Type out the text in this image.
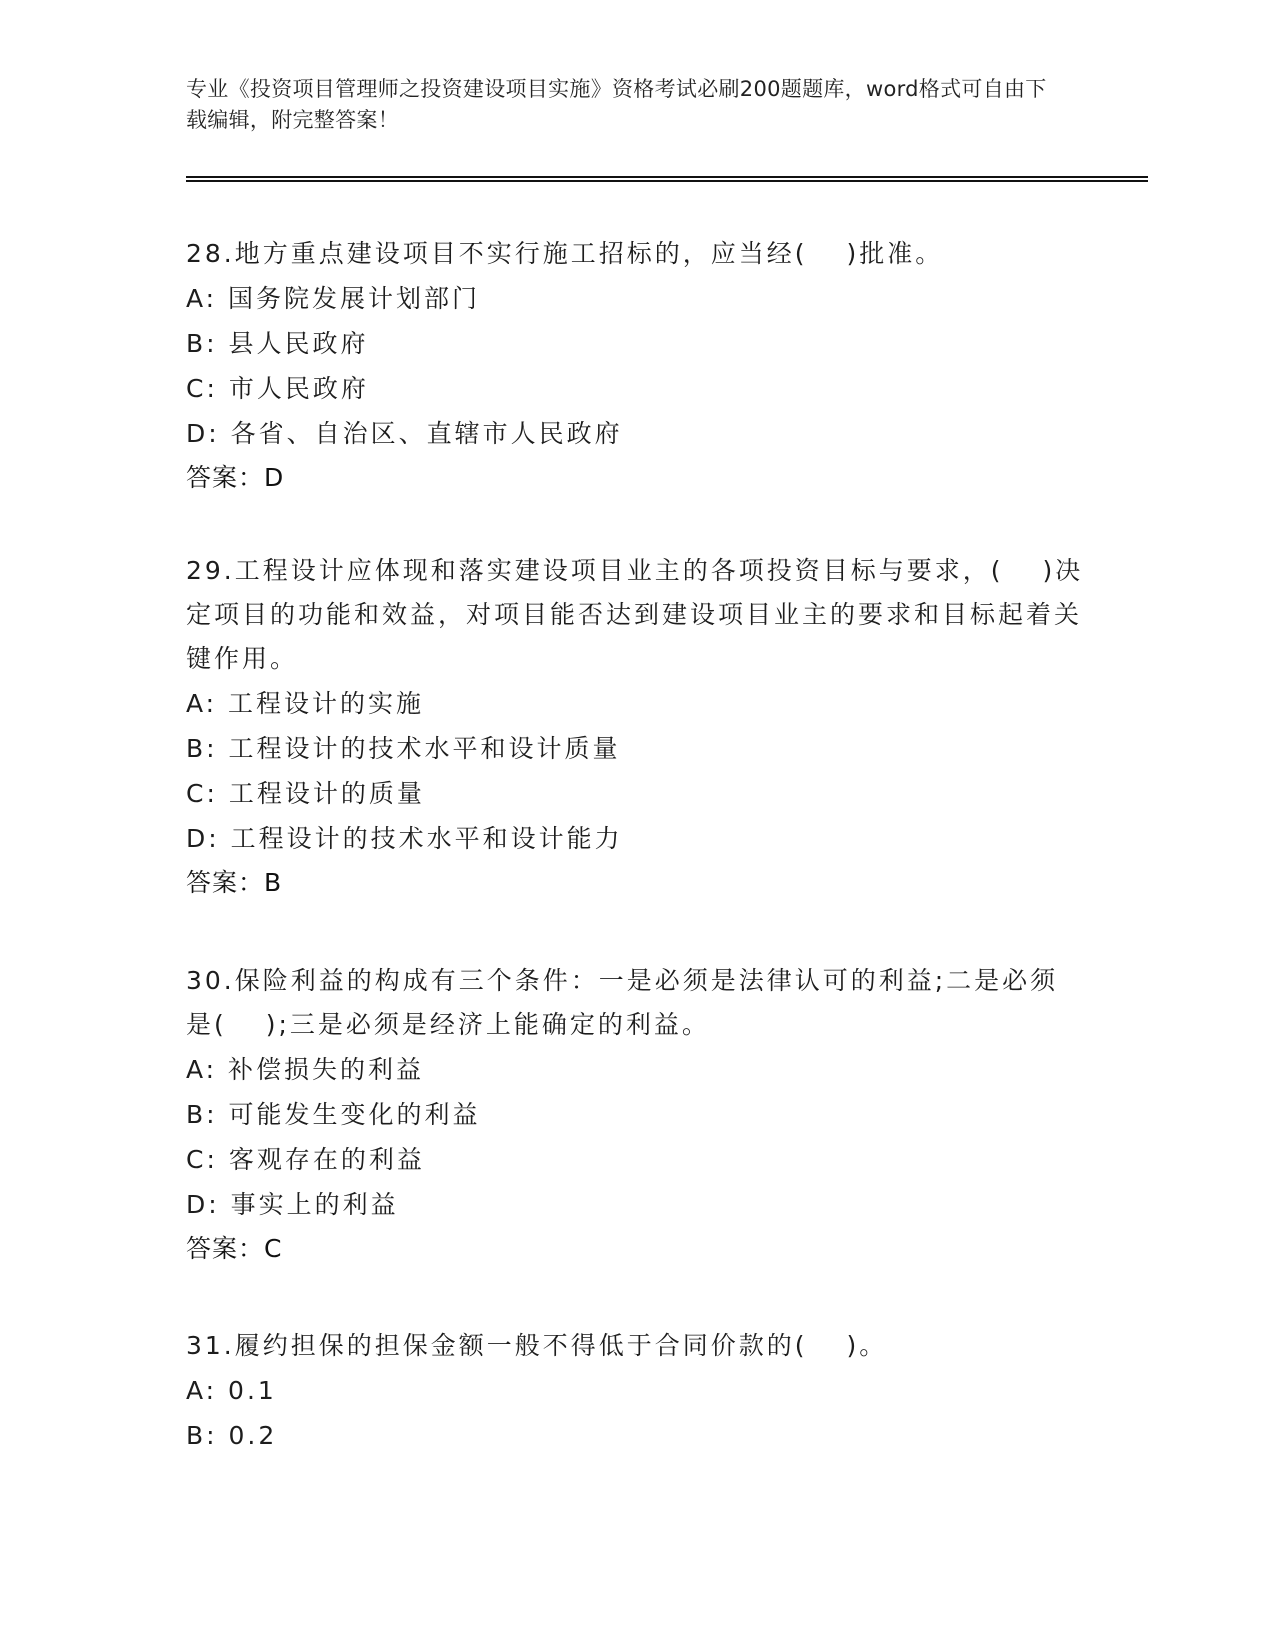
专业《投资项目管理师之投资建设项目实施》资格考试必刷200题题库，word格式可自由下载编辑，附完整答案！

28.地方重点建设项目不实行施工招标的，应当经(　 )批准。

A: 国务院发展计划部门

B: 县人民政府

C: 市人民政府

D: 各省、自治区、直辖市人民政府

答案：D

29.工程设计应体现和落实建设项目业主的各项投资目标与要求，(　 )决定项目的功能和效益，对项目能否达到建设项目业主的要求和目标起着关键作用。

A: 工程设计的实施

B: 工程设计的技术水平和设计质量

C: 工程设计的质量

D: 工程设计的技术水平和设计能力

答案：B

30.保险利益的构成有三个条件：一是必须是法律认可的利益;二是必须是(　 );三是必须是经济上能确定的利益。

A: 补偿损失的利益

B: 可能发生变化的利益

C: 客观存在的利益

D: 事实上的利益

答案：C

31.履约担保的担保金额一般不得低于合同价款的(　 )。

A: 0.1

B: 0.2
